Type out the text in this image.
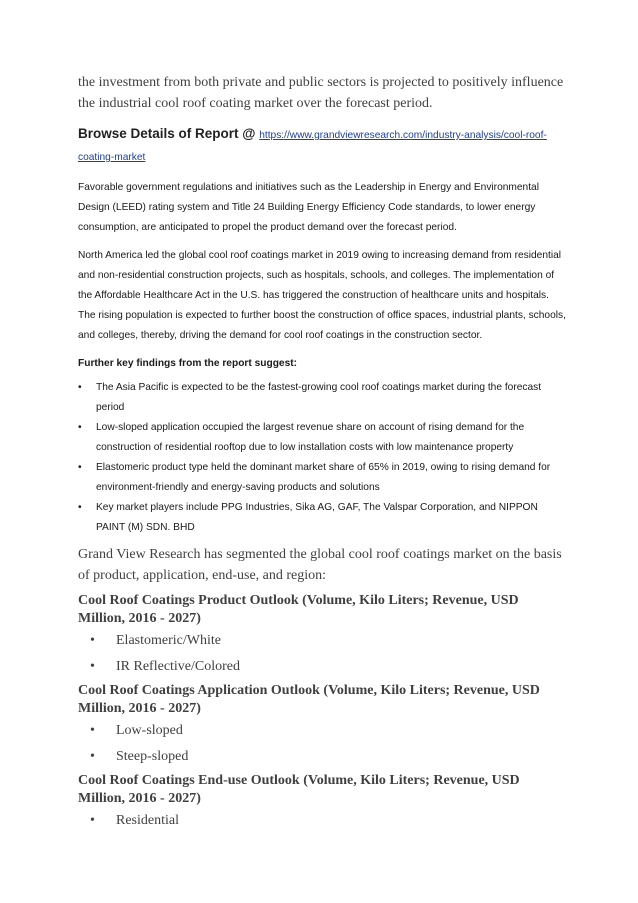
the investment from both private and public sectors is projected to positively influence the industrial cool roof coating market over the forecast period.

Browse Details of Report @ https://www.grandviewresearch.com/industry-analysis/cool-roof-coating-market

Favorable government regulations and initiatives such as the Leadership in Energy and Environmental Design (LEED) rating system and Title 24 Building Energy Efficiency Code standards, to lower energy consumption, are anticipated to propel the product demand over the forecast period.

North America led the global cool roof coatings market in 2019 owing to increasing demand from residential and non-residential construction projects, such as hospitals, schools, and colleges. The implementation of the Affordable Healthcare Act in the U.S. has triggered the construction of healthcare units and hospitals. The rising population is expected to further boost the construction of office spaces, industrial plants, schools, and colleges, thereby, driving the demand for cool roof coatings in the construction sector.

Further key findings from the report suggest:

• The Asia Pacific is expected to be the fastest-growing cool roof coatings market during the forecast period
• Low-sloped application occupied the largest revenue share on account of rising demand for the construction of residential rooftop due to low installation costs with low maintenance property
• Elastomeric product type held the dominant market share of 65% in 2019, owing to rising demand for environment-friendly and energy-saving products and solutions
• Key market players include PPG Industries, Sika AG, GAF, The Valspar Corporation, and NIPPON PAINT (M) SDN. BHD

Grand View Research has segmented the global cool roof coatings market on the basis of product, application, end-use, and region:

Cool Roof Coatings Product Outlook (Volume, Kilo Liters; Revenue, USD Million, 2016 - 2027)

• Elastomeric/White
• IR Reflective/Colored

Cool Roof Coatings Application Outlook (Volume, Kilo Liters; Revenue, USD Million, 2016 - 2027)

• Low-sloped
• Steep-sloped

Cool Roof Coatings End-use Outlook (Volume, Kilo Liters; Revenue, USD Million, 2016 - 2027)

• Residential
